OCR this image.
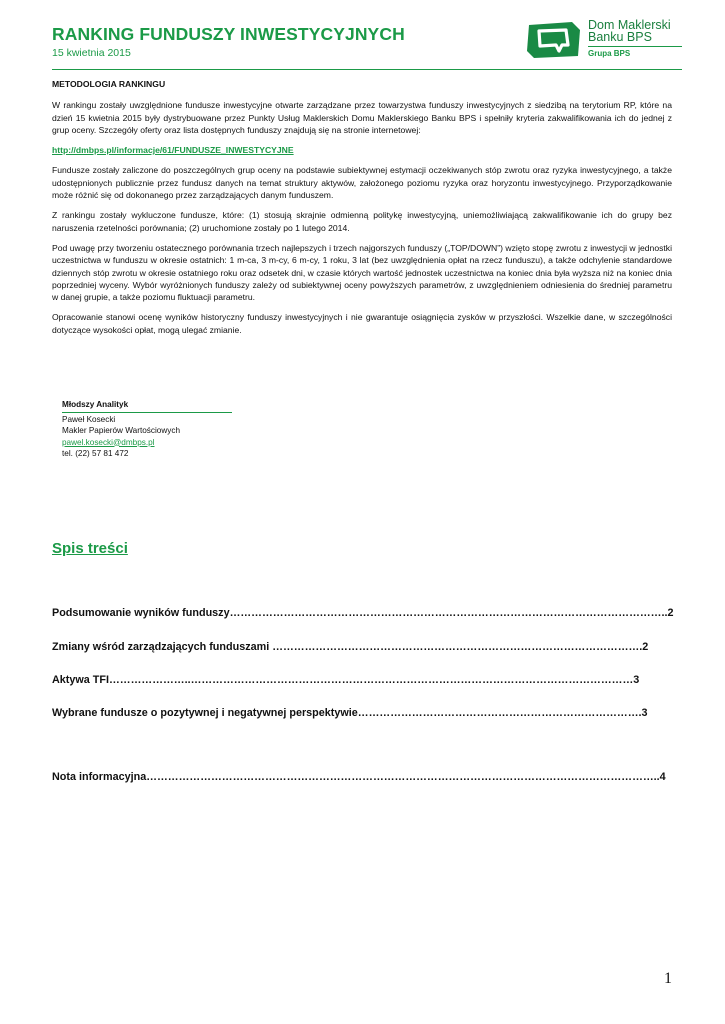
RANKING FUNDUSZY INWESTYCYJNYCH
15 kwietnia 2015
Dom Maklerski
Banku BPS
Grupa BPS
METODOLOGIA RANKINGU

W rankingu zostały uwzględnione fundusze inwestycyjne otwarte zarządzane przez towarzystwa funduszy inwestycyjnych z siedzibą na terytorium RP, które na dzień 15 kwietnia 2015 były dystrybuowane przez Punkty Usług Maklerskich Domu Maklerskiego Banku BPS i spełniły kryteria zakwalifikowania ich do jednej z grup oceny. Szczegóły oferty oraz lista dostępnych funduszy znajdują się na stronie internetowej:

http://dmbps.pl/informacje/61/FUNDUSZE_INWESTYCYJNE

Fundusze zostały zaliczone do poszczególnych grup oceny na podstawie subiektywnej estymacji oczekiwanych stóp zwrotu oraz ryzyka inwestycyjnego, a także udostępnionych publicznie przez fundusz danych na temat struktury aktywów, założonego poziomu ryzyka oraz horyzontu inwestycyjnego. Przyporządkowanie może różnić się od dokonanego przez zarządzających danym funduszem.

Z rankingu zostały wykluczone fundusze, które: (1) stosują skrajnie odmienną politykę inwestycyjną, uniemożliwiającą zakwalifikowanie ich do grupy bez naruszenia rzetelności porównania; (2) uruchomione zostały po 1 lutego 2014.

Pod uwagę przy tworzeniu ostatecznego porównania trzech najlepszych i trzech najgorszych funduszy („TOP/DOWN”) wzięto stopę zwrotu z inwestycji w jednostki uczestnictwa w funduszu w okresie ostatnich: 1 m-ca, 3 m-cy, 6 m-cy, 1 roku, 3 lat (bez uwzględnienia opłat na rzecz funduszu), a także odchylenie standardowe dziennych stóp zwrotu w okresie ostatniego roku oraz odsetek dni, w czasie których wartość jednostek uczestnictwa na koniec dnia była wyższa niż na koniec dnia poprzedniej wyceny. Wybór wyróżnionych funduszy zależy od subiektywnej oceny powyższych parametrów, z uwzględnieniem odniesienia do średniej parametru w danej grupie, a także poziomu fluktuacji parametru.

Opracowanie stanowi ocenę wyników historyczny funduszy inwestycyjnych i nie gwarantuje osiągnięcia zysków w przyszłości. Wszelkie dane, w szczególności dotyczące wysokości opłat, mogą ulegać zmianie.

Młodszy Analityk
Paweł Kosecki
Makler Papierów Wartościowych
pawel.kosecki@dmbps.pl
tel. (22) 57 81 472
Spis treści
Podsumowanie wyników funduszy…………………………………………………………………………………………………………..2
Zmiany wśród zarządzających funduszami ………………………………………………………………………………………….2
Aktywa TFI…………………..……………………………………………………………………………………………………………3
Wybrane fundusze o pozytywnej i negatywnej perspektywie…………………………………………………………………….3
Nota informacyjna……………………………………………………………………………………………………………………………..4
1
